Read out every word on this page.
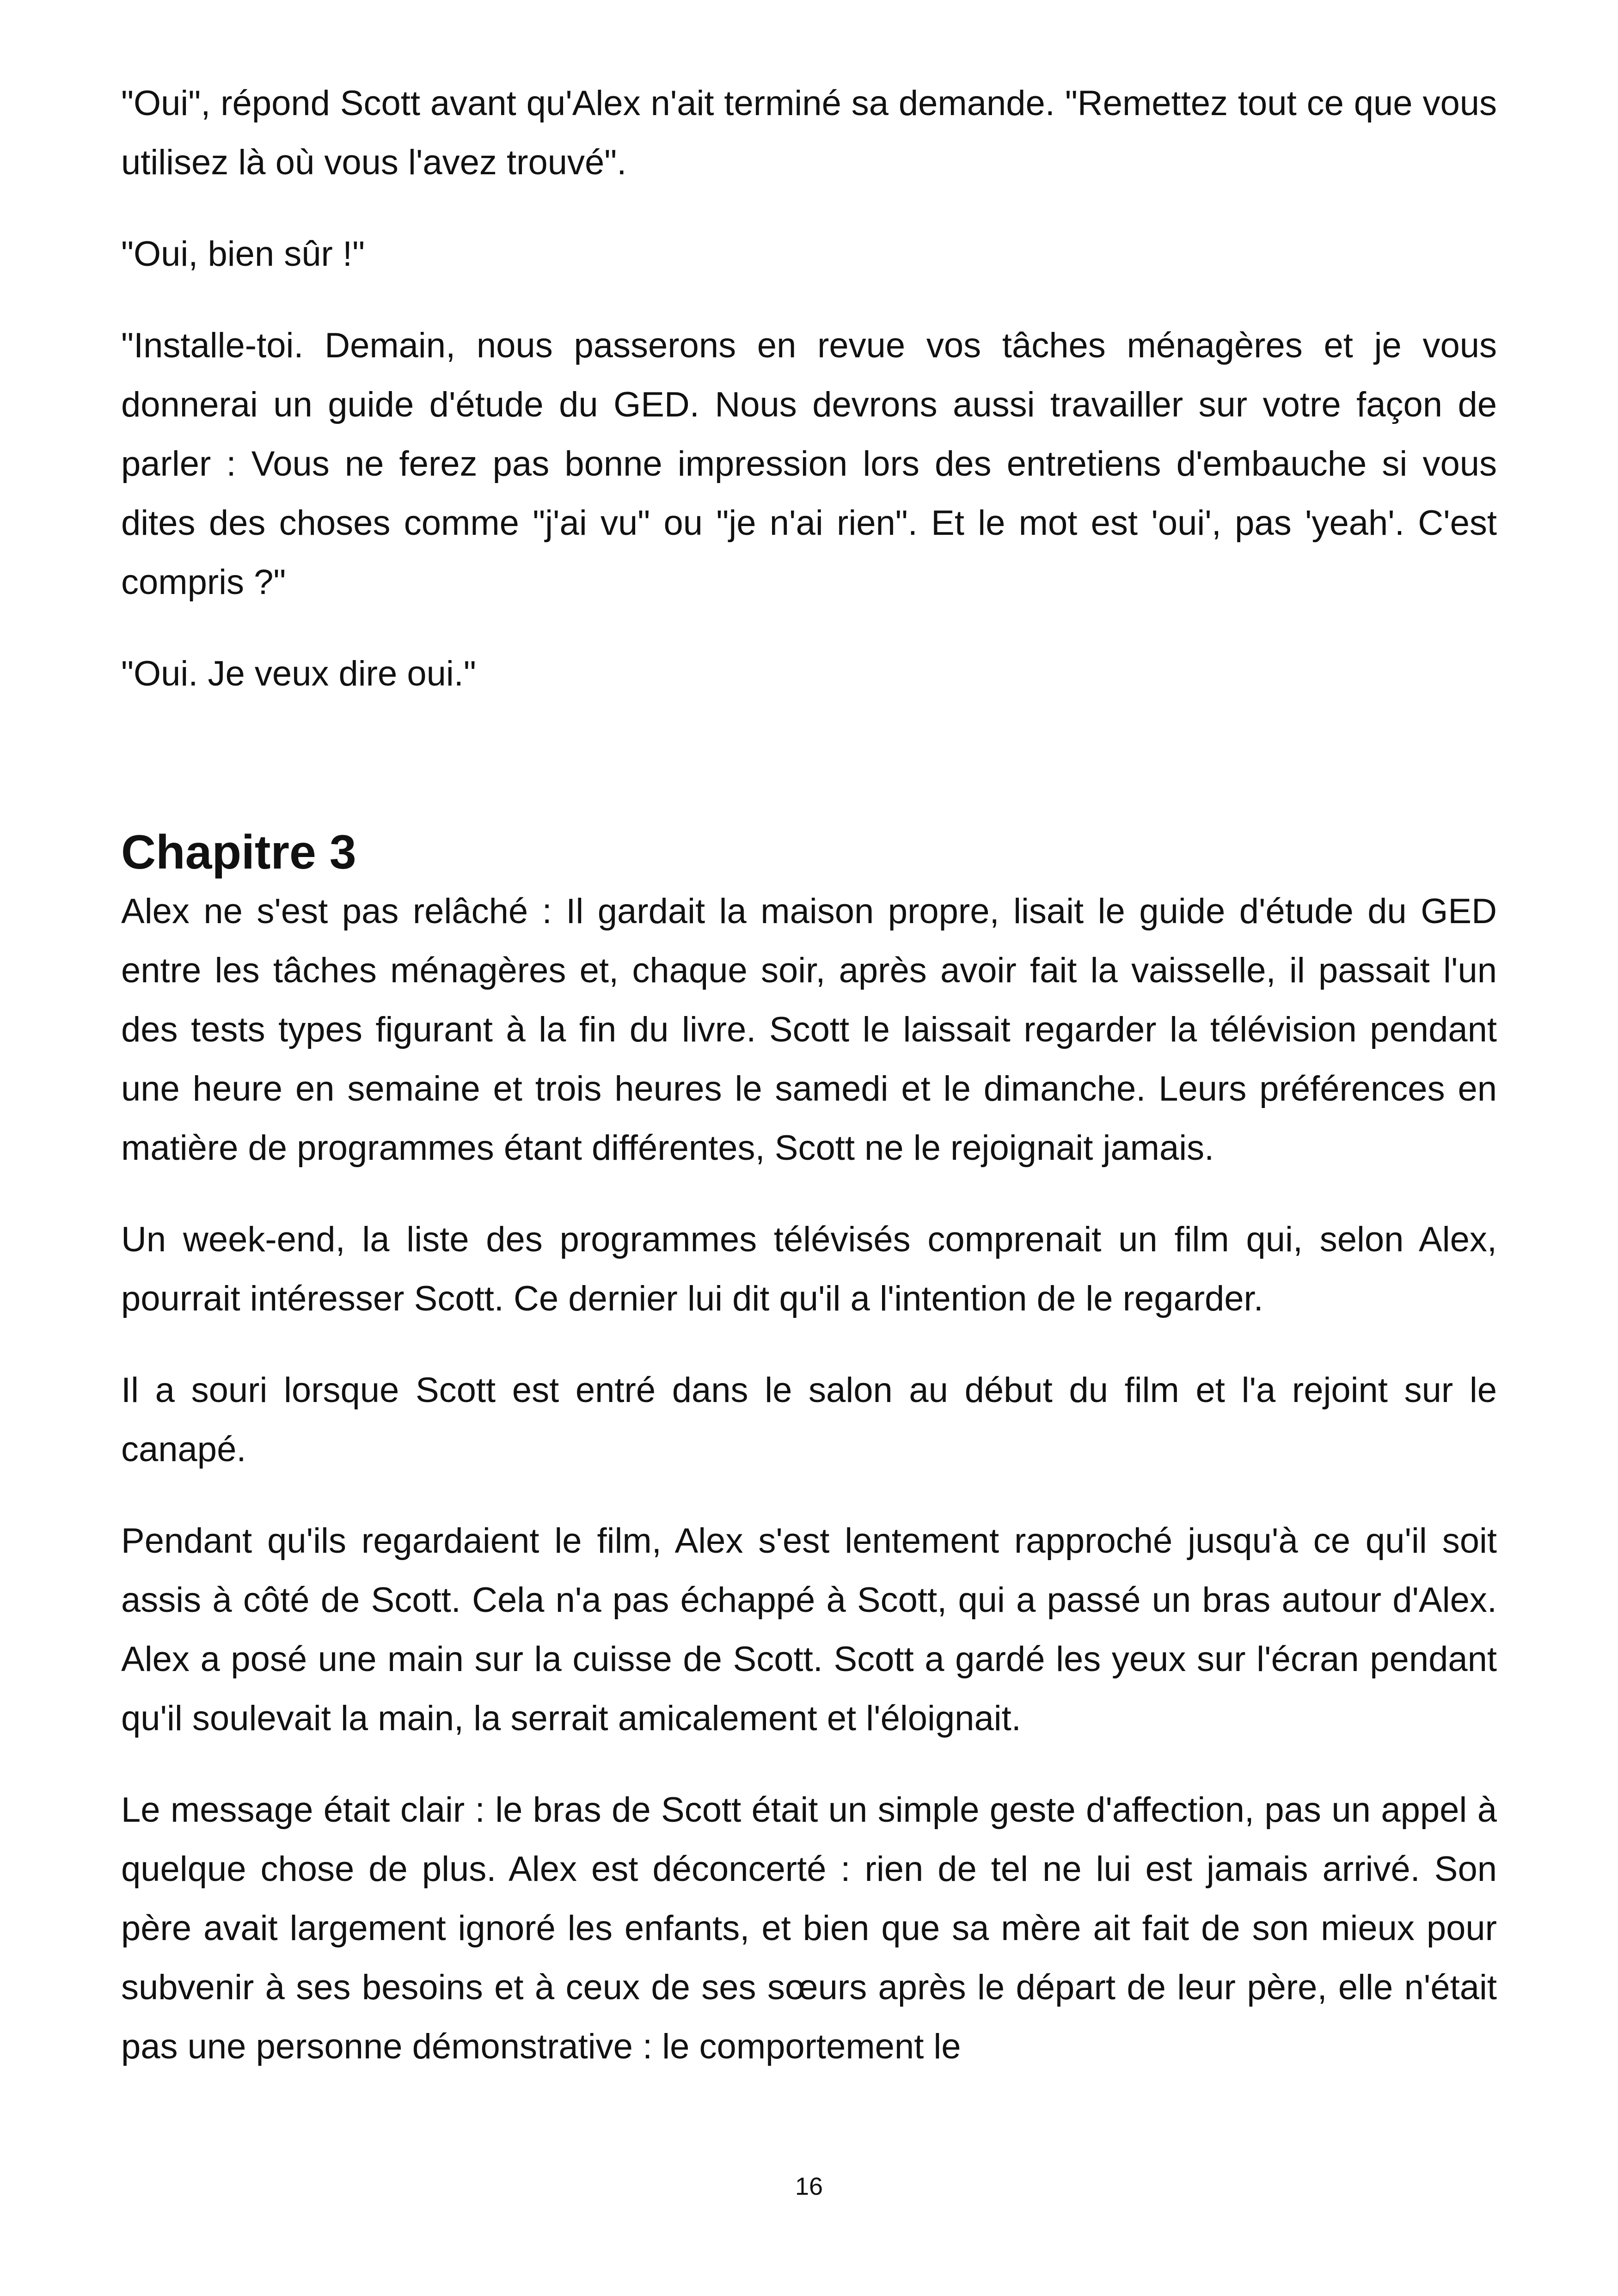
"Oui", répond Scott avant qu'Alex n'ait terminé sa demande. "Remettez tout ce que vous utilisez là où vous l'avez trouvé".

"Oui, bien sûr !"

"Installe-toi. Demain, nous passerons en revue vos tâches ménagères et je vous donnerai un guide d'étude du GED. Nous devrons aussi travailler sur votre façon de parler : Vous ne ferez pas bonne impression lors des entretiens d'embauche si vous dites des choses comme "j'ai vu" ou "je n'ai rien". Et le mot est 'oui', pas 'yeah'. C'est compris ?"

"Oui. Je veux dire oui."

Chapitre 3

Alex ne s'est pas relâché : Il gardait la maison propre, lisait le guide d'étude du GED entre les tâches ménagères et, chaque soir, après avoir fait la vaisselle, il passait l'un des tests types figurant à la fin du livre. Scott le laissait regarder la télévision pendant une heure en semaine et trois heures le samedi et le dimanche. Leurs préférences en matière de programmes étant différentes, Scott ne le rejoignait jamais.

Un week-end, la liste des programmes télévisés comprenait un film qui, selon Alex, pourrait intéresser Scott. Ce dernier lui dit qu'il a l'intention de le regarder.

Il a souri lorsque Scott est entré dans le salon au début du film et l'a rejoint sur le canapé.

Pendant qu'ils regardaient le film, Alex s'est lentement rapproché jusqu'à ce qu'il soit assis à côté de Scott. Cela n'a pas échappé à Scott, qui a passé un bras autour d'Alex. Alex a posé une main sur la cuisse de Scott. Scott a gardé les yeux sur l'écran pendant qu'il soulevait la main, la serrait amicalement et l'éloignait.

Le message était clair : le bras de Scott était un simple geste d'affection, pas un appel à quelque chose de plus. Alex est déconcerté : rien de tel ne lui est jamais arrivé. Son père avait largement ignoré les enfants, et bien que sa mère ait fait de son mieux pour subvenir à ses besoins et à ceux de ses sœurs après le départ de leur père, elle n'était pas une personne démonstrative : le comportement le

16
